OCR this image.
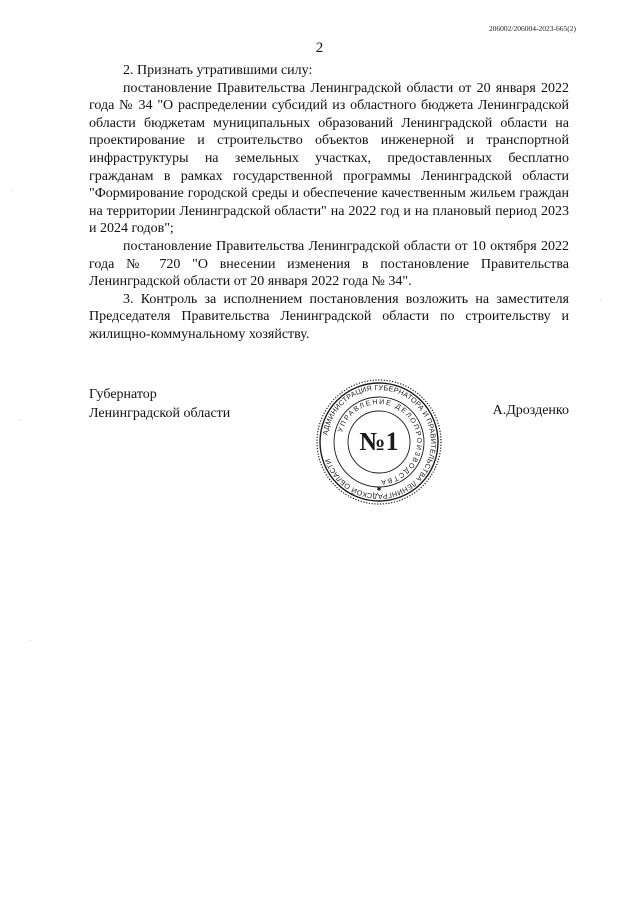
206002/206004-2023-665(2)
2

2. Признать утратившими силу:

постановление Правительства Ленинградской области от 20 января 2022 года № 34 "О распределении субсидий из областного бюджета Ленинградской области бюджетам муниципальных образований Ленинградской области на проектирование и строительство объектов инженерной и транспортной инфраструктуры на земельных участках, предоставленных бесплатно гражданам в рамках государственной программы Ленинградской области "Формирование городской среды и обеспечение качественным жильем граждан на территории Ленинградской области" на 2022 год и на плановый период 2023 и 2024 годов";

постановление Правительства Ленинградской области от 10 октября 2022 года № 720 "О внесении изменения в постановление Правительства Ленинградской области от 20 января 2022 года № 34".

3. Контроль за исполнением постановления возложить на заместителя Председателя Правительства Ленинградской области по строительству и жилищно-коммунальному хозяйству.

Губернатор
Ленинградской области	А.Дрозденко
АДМИНИСТРАЦИЯ ГУБЕРНАТОРА И ПРАВИТЕЛЬСТВА ЛЕНИНГРАДСКОЙ ОБЛАСТИ
УПРАВЛЕНИЕ ДЕЛОПРОИЗВОДСТВА
№1
✱
